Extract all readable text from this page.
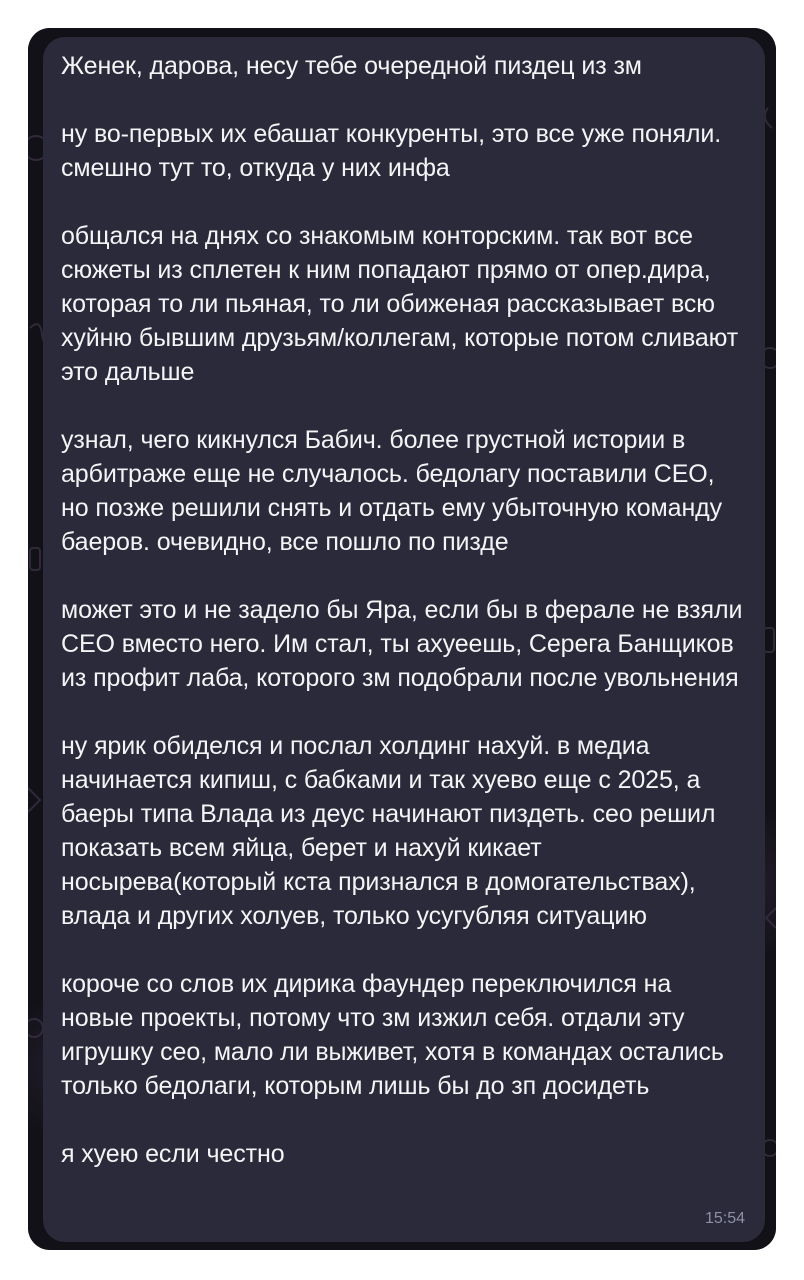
Женек, дарова, несу тебе очередной пиздец из зм

ну во-первых их ебашат конкуренты, это все уже поняли. смешно тут то, откуда у них инфа

общался на днях со знакомым конторским. так вот все сюжеты из сплетен к ним попадают прямо от опер.дира, которая то ли пьяная, то ли обиженая рассказывает всю хуйню бывшим друзьям/коллегам, которые потом сливают это дальше

узнал, чего кикнулся Бабич. более грустной истории в арбитраже еще не случалось. бедолагу поставили CEO, но позже решили снять и отдать ему убыточную команду баеров. очевидно, все пошло по пизде

может это и не задело бы Яра, если бы в ферале не взяли CEO вместо него. Им стал, ты ахуеешь, Серега Банщиков из профит лаба, которого зм подобрали после увольнения

ну ярик обиделся и послал холдинг нахуй. в медиа начинается кипиш, с бабками и так хуево еще с 2025, а баеры типа Влада из деус начинают пиздеть. сео решил показать всем яйца, берет и нахуй кикает носырева(который кста признался в домогательствах), влада и других холуев, только усугубляя ситуацию

короче со слов их дирика фаундер переключился на новые проекты, потому что зм изжил себя. отдали эту игрушку сео, мало ли выживет, хотя в командах остались только бедолаги, которым лишь бы до зп досидеть

я хуею если честно

15:54
